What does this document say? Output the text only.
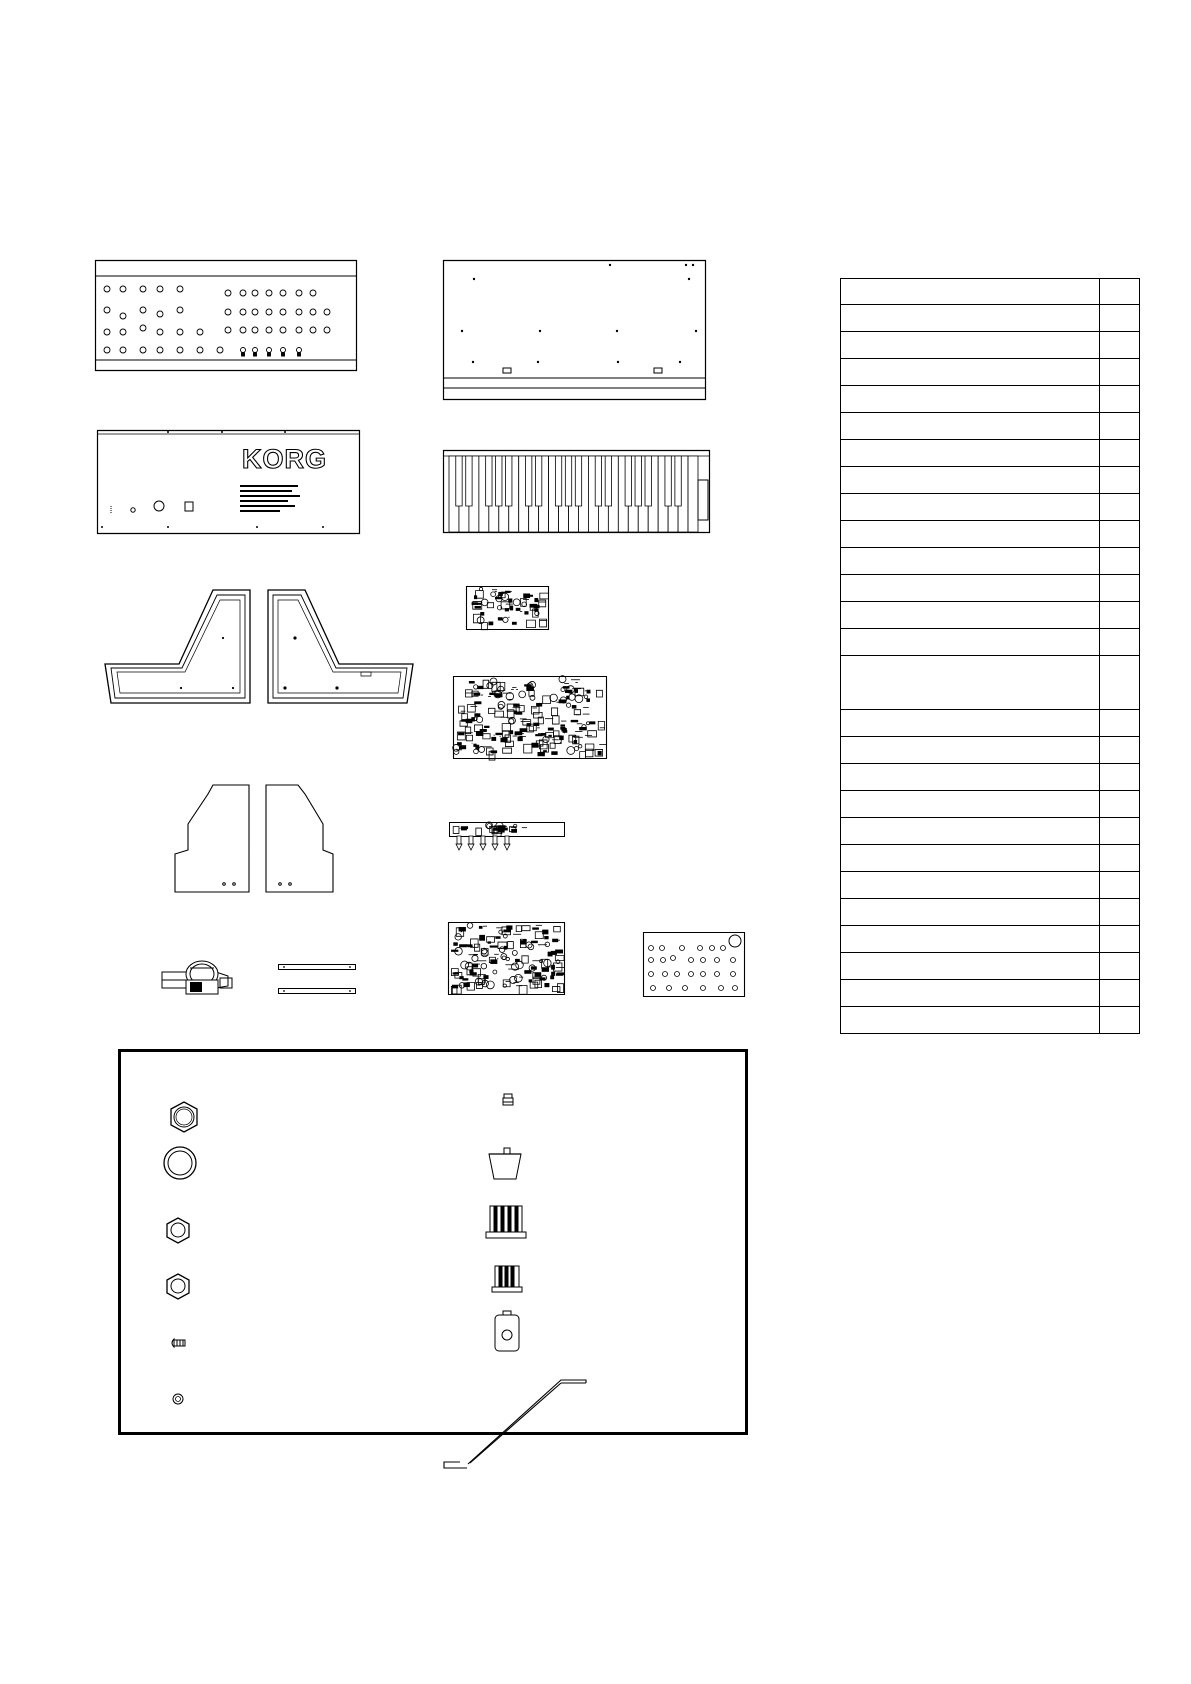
KORG
